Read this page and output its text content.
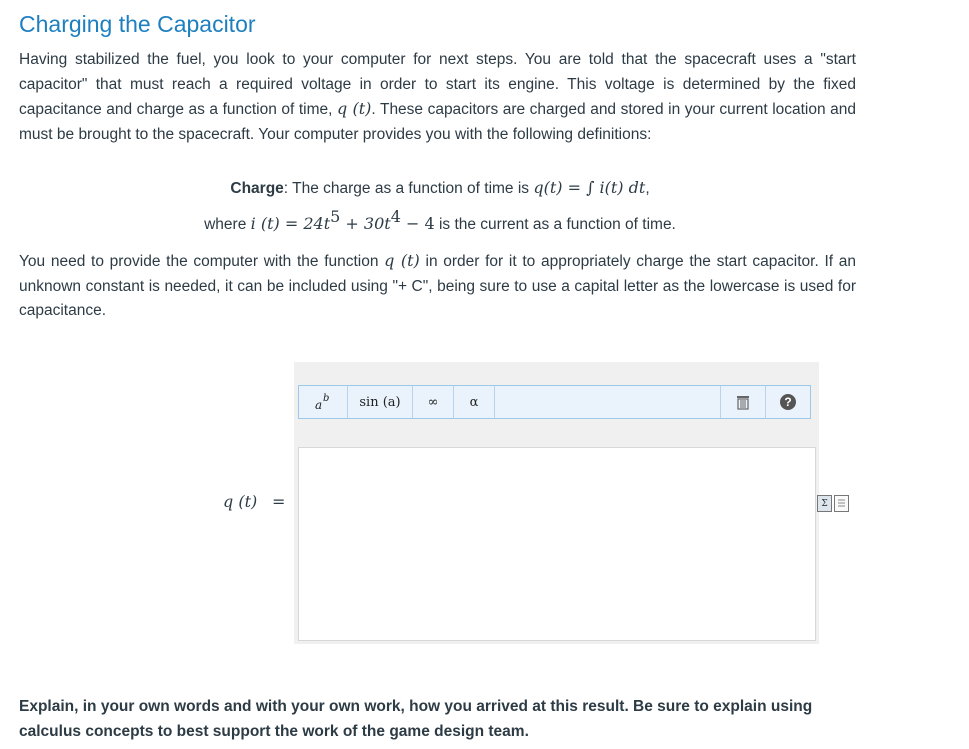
Charging the Capacitor

Having stabilized the fuel, you look to your computer for next steps. You are told that the spacecraft uses a "start capacitor" that must reach a required voltage in order to start its engine. This voltage is determined by the fixed capacitance and charge as a function of time, q (t). These capacitors are charged and stored in your current location and must be brought to the spacecraft. Your computer provides you with the following definitions:

Charge: The charge as a function of time is q(t) = ∫ i(t) dt,
where i $(t) = 24t^5 + 30t^4 - 4$ is the current as a function of time.

You need to provide the computer with the function q (t) in order for it to appropriately charge the start capacitor. If an unknown constant is needed, it can be included using "+ C", being sure to use a capital letter as the lowercase is used for capacitance.

a b	sin (a)	∞	α	?
q (t) =	Σ

Explain, in your own words and with your own work, how you arrived at this result. Be sure to explain using calculus concepts to best support the work of the game design team.
